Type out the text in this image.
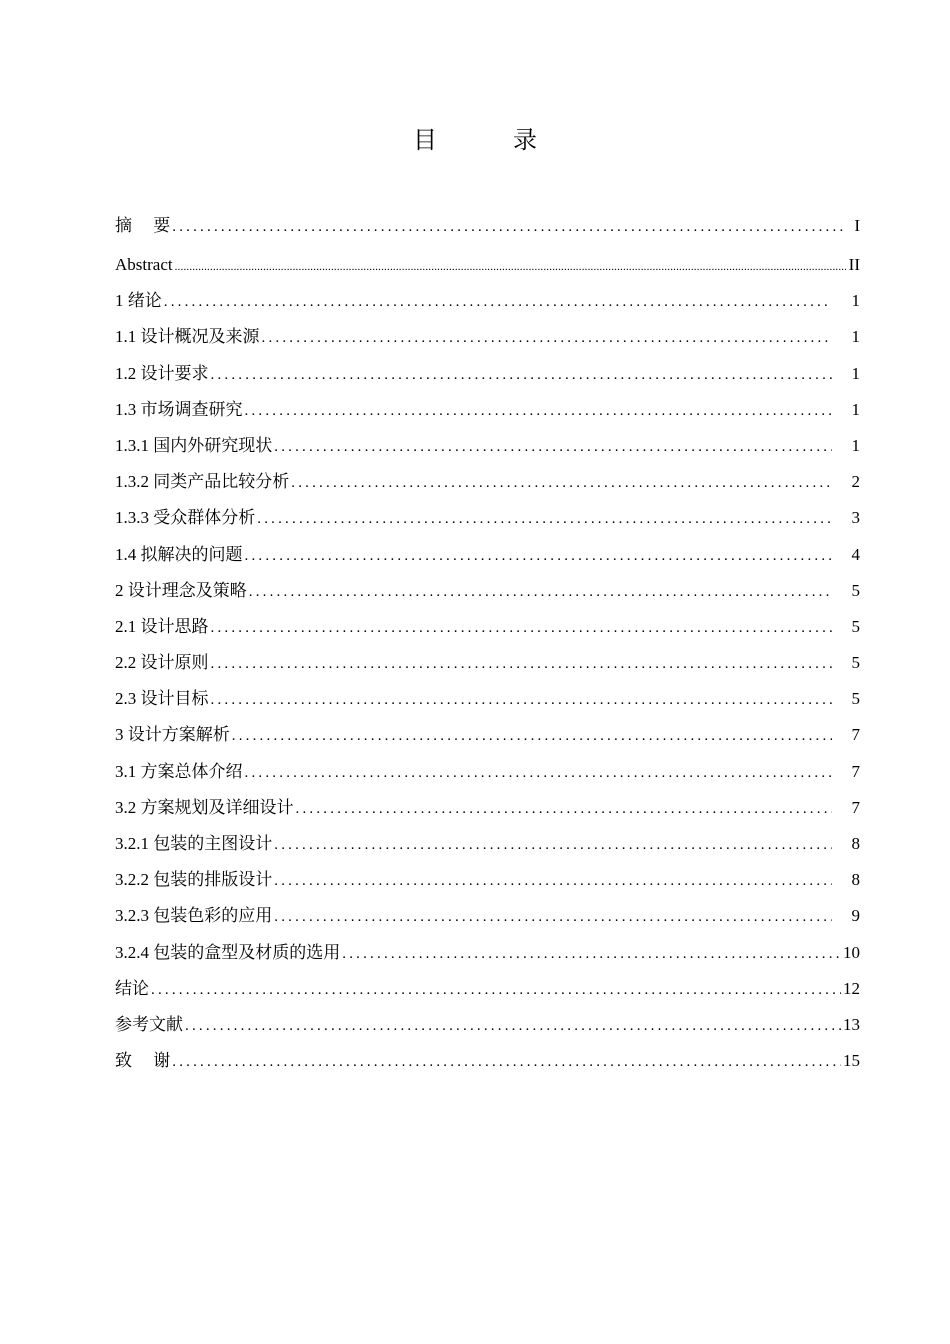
目　录
摘　 要 .....	I
Abstract .....	II
1 绪论 .....	1
1.1 设计概况及来源 .....	1
1.2 设计要求 .....	1
1.3 市场调查研究 .....	1
1.3.1 国内外研究现状 .....	1
1.3.2 同类产品比较分析 .....	2
1.3.3 受众群体分析 .....	3
1.4 拟解决的问题 .....	4
2 设计理念及策略 .....	5
2.1 设计思路 .....	5
2.2 设计原则 .....	5
2.3 设计目标 .....	5
3 设计方案解析 .....	7
3.1 方案总体介绍 .....	7
3.2 方案规划及详细设计 .....	7
3.2.1 包装的主图设计 .....	8
3.2.2 包装的排版设计 .....	8
3.2.3 包装色彩的应用 .....	9
3.2.4 包装的盒型及材质的选用 .....	10
结论 .....	12
参考文献 .....	13
致　 谢 .....	15
